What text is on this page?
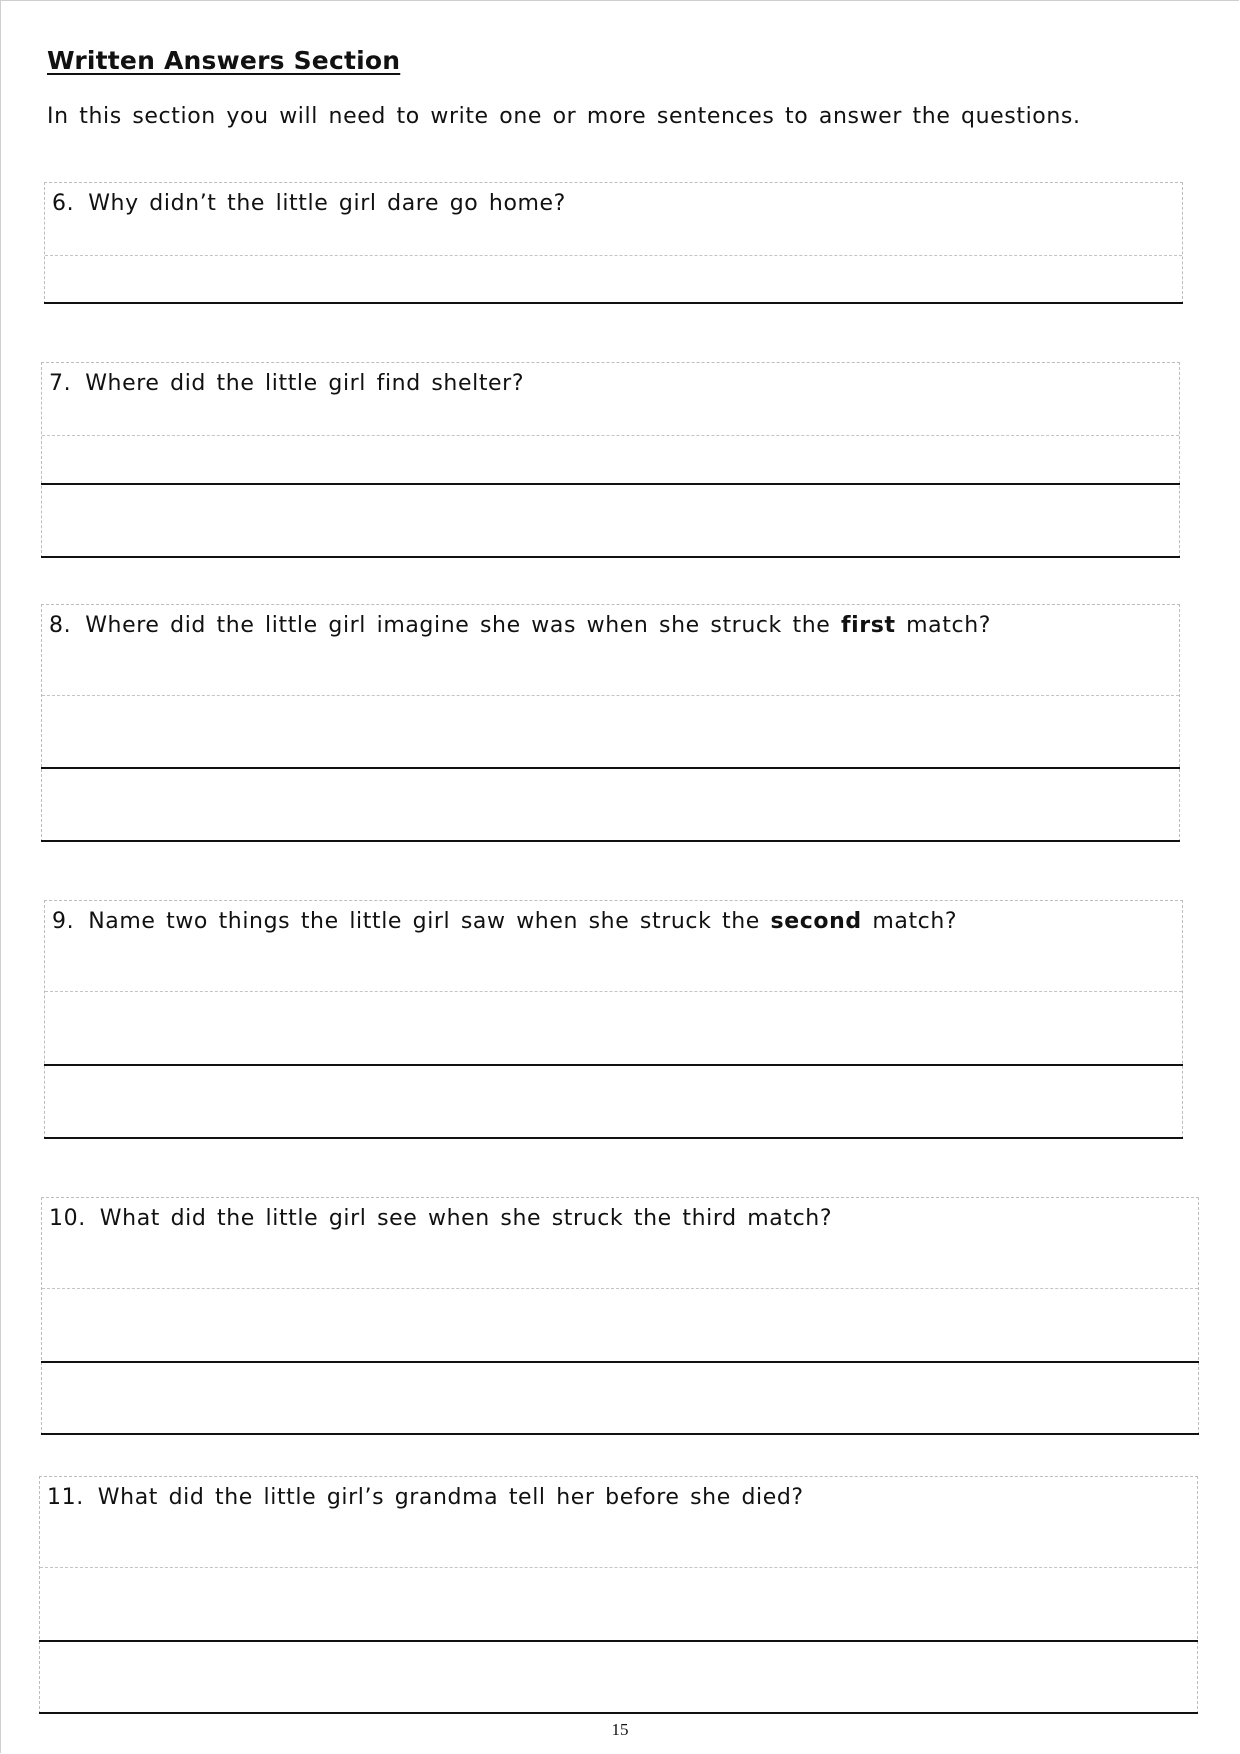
Written Answers Section
In this section you will need to write one or more sentences to answer the questions.
6. Why didn’t the little girl dare go home?
7. Where did the little girl find shelter?
8. Where did the little girl imagine she was when she struck the first match?
9. Name two things the little girl saw when she struck the second match?
10. What did the little girl see when she struck the third match?
11. What did the little girl’s grandma tell her before she died?
15
